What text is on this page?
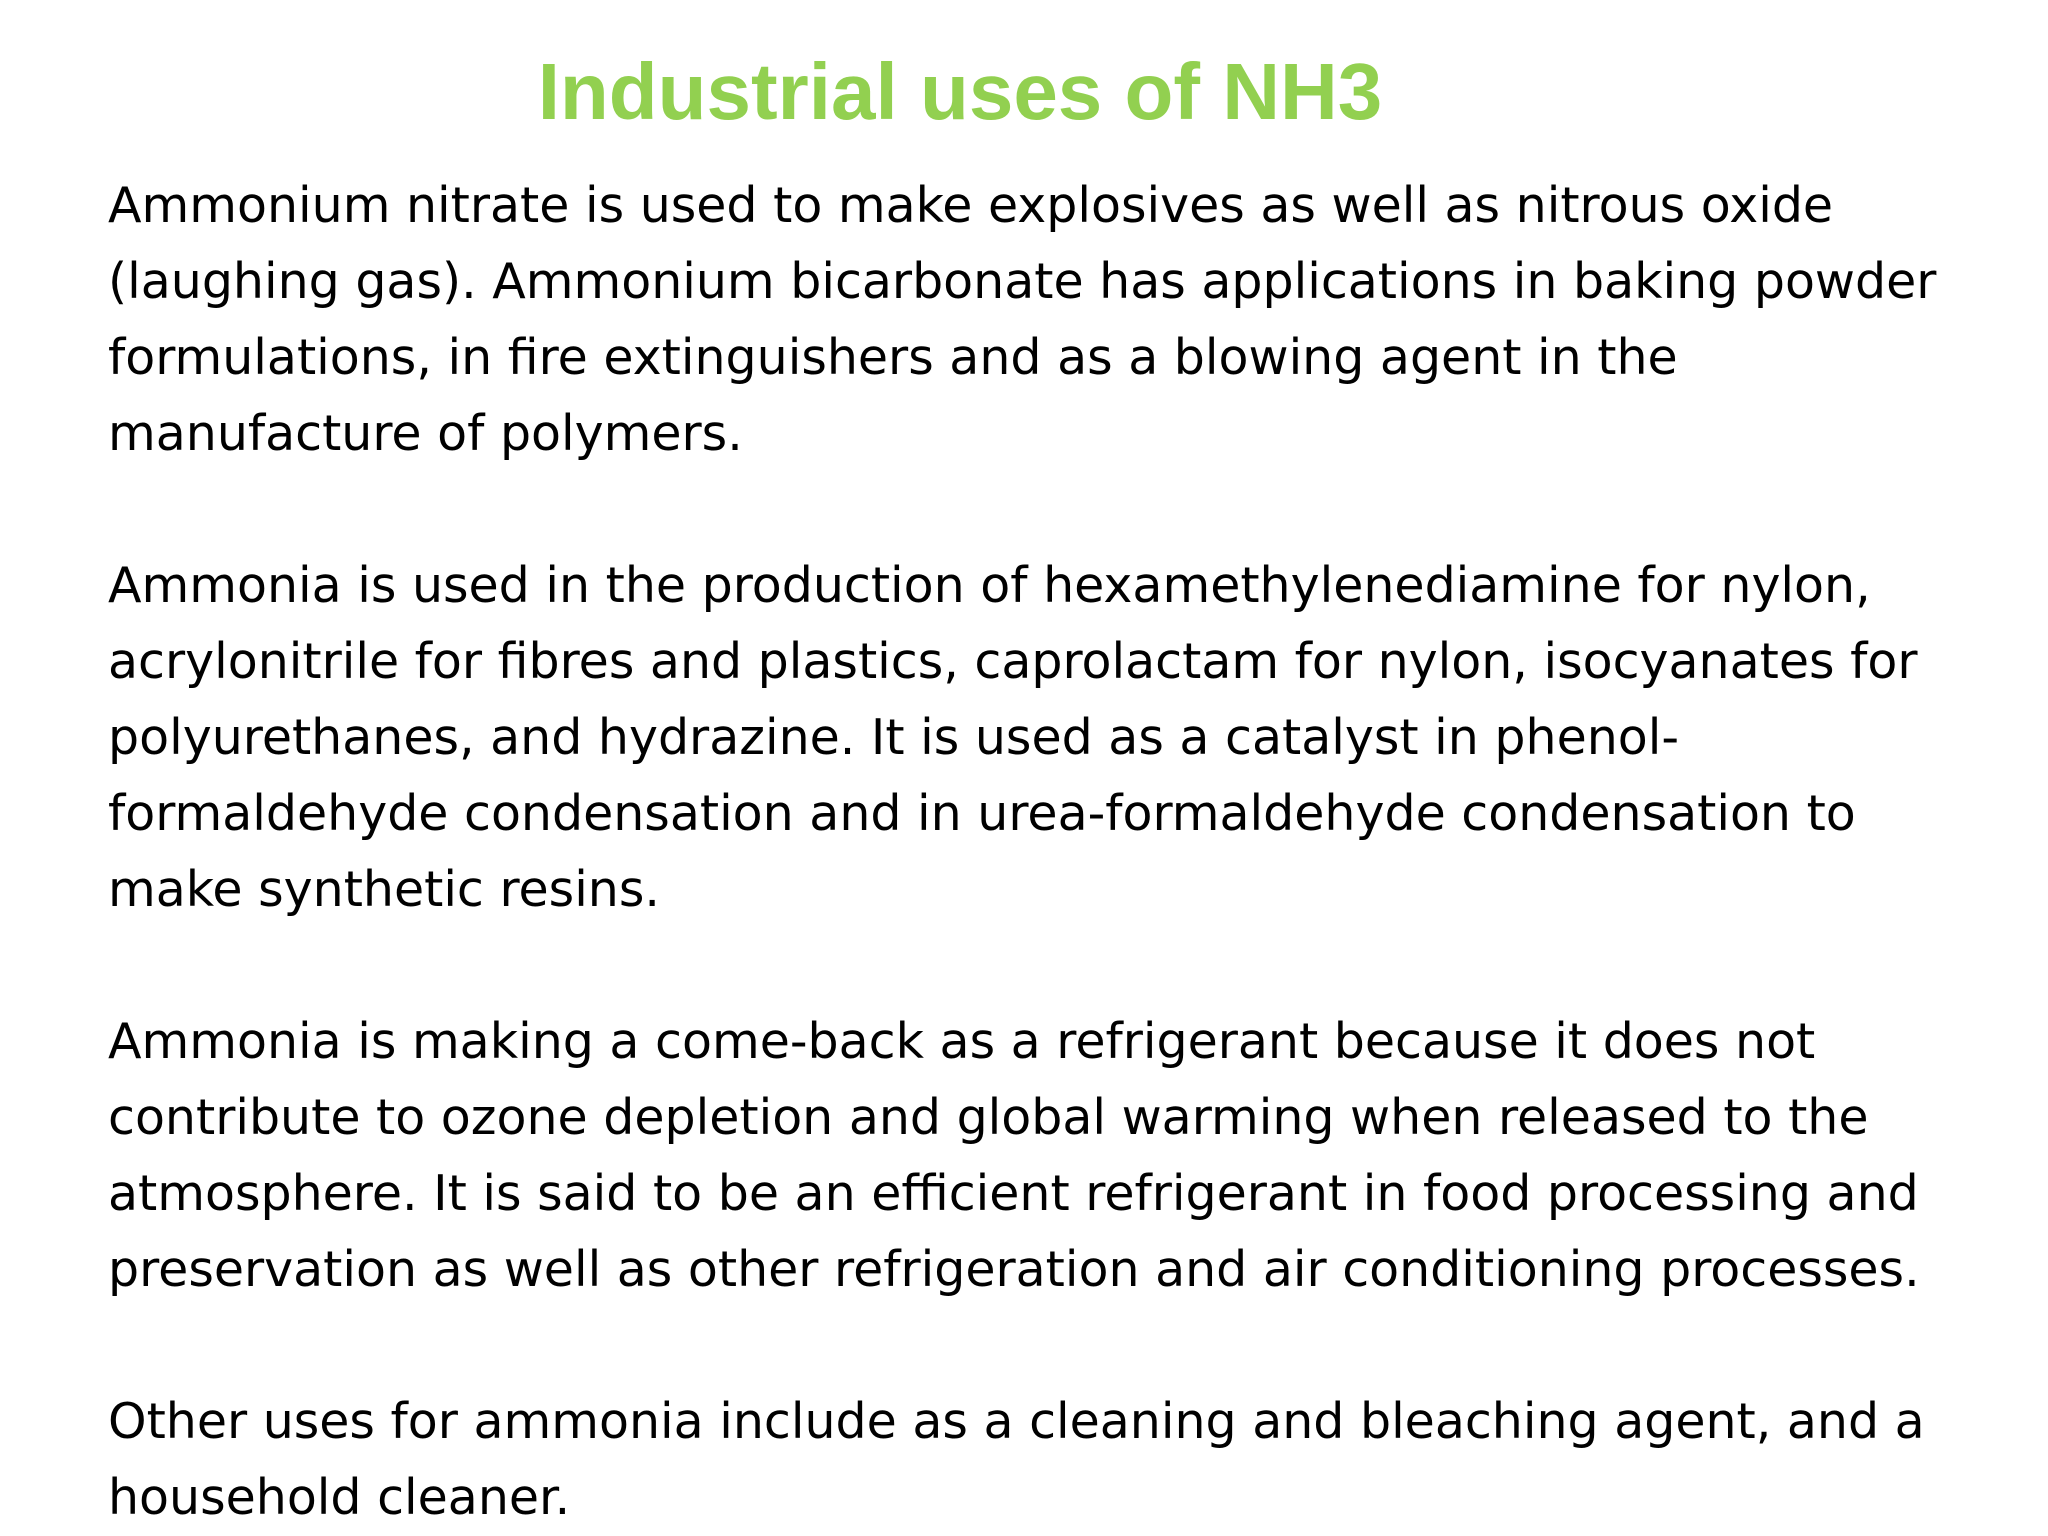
Industrial uses of NH3

Ammonium nitrate is used to make explosives as well as nitrous oxide
(laughing gas). Ammonium bicarbonate has applications in baking powder
formulations, in fire extinguishers and as a blowing agent in the
manufacture of polymers.

Ammonia is used in the production of hexamethylenediamine for nylon,
acrylonitrile for fibres and plastics, caprolactam for nylon, isocyanates for
polyurethanes, and hydrazine. It is used as a catalyst in phenol-
formaldehyde condensation and in urea-formaldehyde condensation to
make synthetic resins.

Ammonia is making a come-back as a refrigerant because it does not
contribute to ozone depletion and global warming when released to the
atmosphere. It is said to be an efficient refrigerant in food processing and
preservation as well as other refrigeration and air conditioning processes.

Other uses for ammonia include as a cleaning and bleaching agent, and a
household cleaner.
